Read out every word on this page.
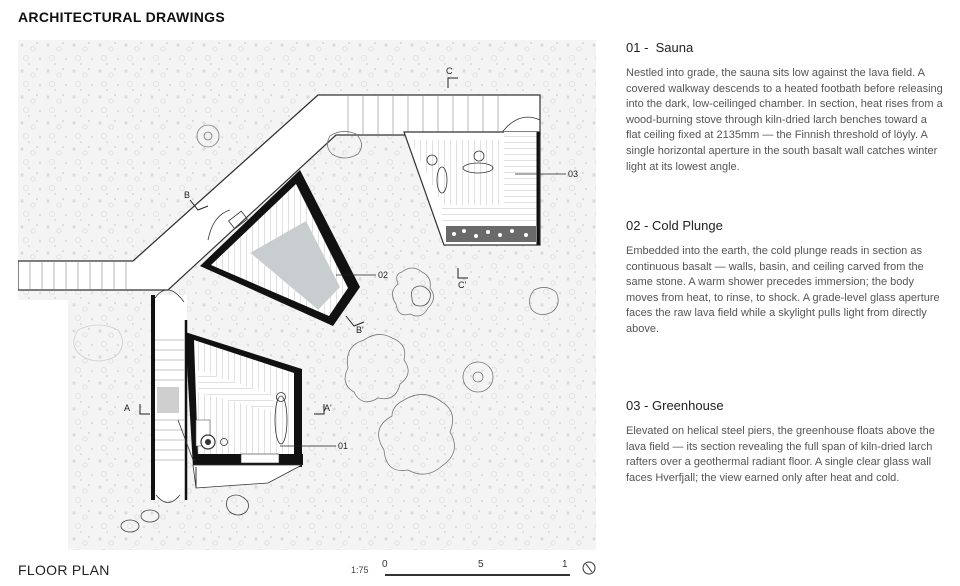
ARCHITECTURAL DRAWINGS
A	A'
B
B'
C
C'
01
02
03
FLOOR PLAN	1:75 0	5	1

01 -  Sauna

Nestled into grade, the sauna sits low against the lava field. A covered walkway descends to a heated footbath before releasing into the dark, low-ceilinged chamber. In section, heat rises from a wood-burning stove through kiln-dried larch benches toward a flat ceiling fixed at 2135mm — the Finnish threshold of löyly. A single horizontal aperture in the south basalt wall catches winter light at its lowest angle.

02 - Cold Plunge

Embedded into the earth, the cold plunge reads in section as continuous basalt — walls, basin, and ceiling carved from the same stone. A warm shower precedes immersion; the body moves from heat, to rinse, to shock. A grade-level glass aperture faces the raw lava field while a skylight pulls light from directly above.

03 - Greenhouse

Elevated on helical steel piers, the greenhouse floats above the lava field — its section revealing the full span of kiln-dried larch rafters over a geothermal radiant floor. A single clear glass wall faces Hverfjall; the view earned only after heat and cold.
